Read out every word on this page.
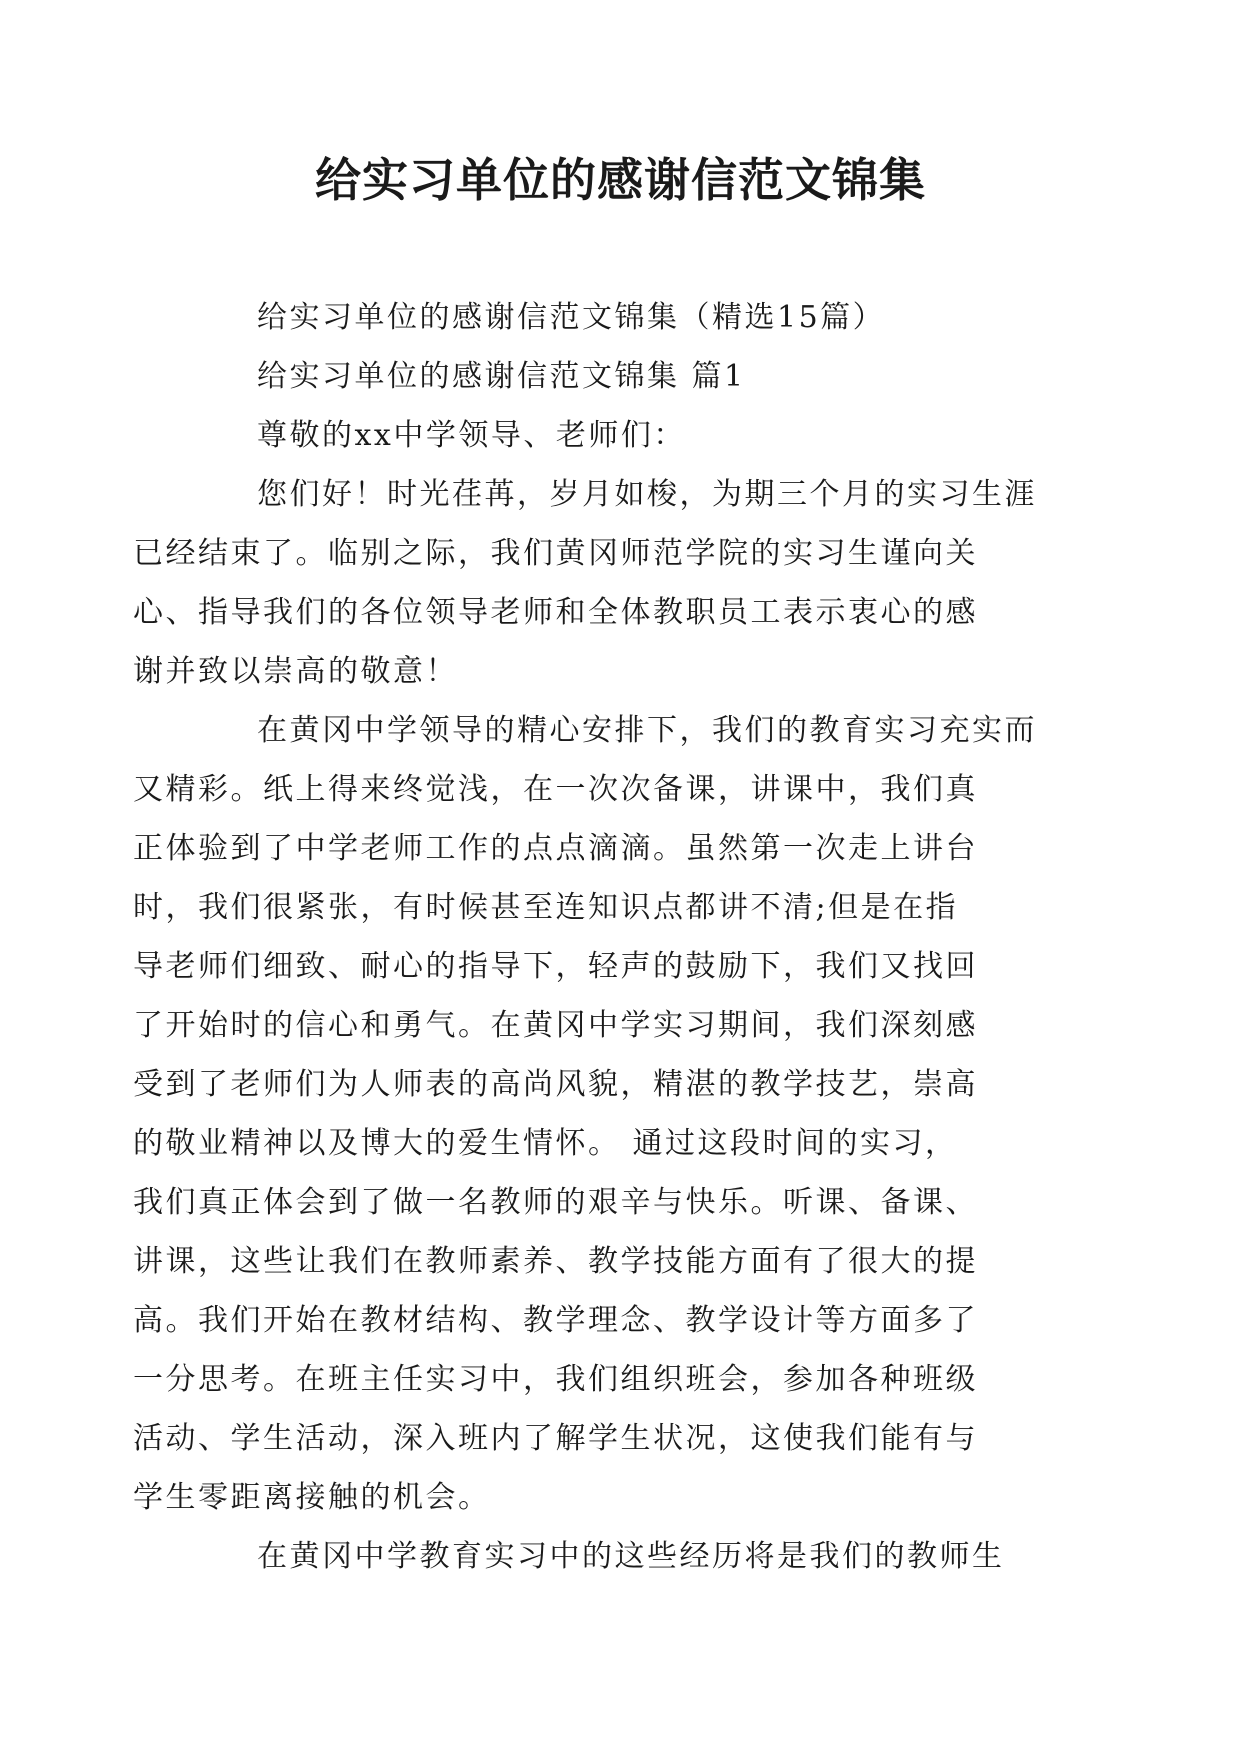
给实习单位的感谢信范文锦集

给实习单位的感谢信范文锦集（精选15篇）

给实习单位的感谢信范文锦集 篇1

尊敬的xx中学领导、老师们：

您们好！时光荏苒，岁月如梭，为期三个月的实习生涯
已经结束了。临别之际，我们黄冈师范学院的实习生谨向关
心、指导我们的各位领导老师和全体教职员工表示衷心的感
谢并致以崇高的敬意！

在黄冈中学领导的精心安排下，我们的教育实习充实而
又精彩。纸上得来终觉浅，在一次次备课，讲课中，我们真
正体验到了中学老师工作的点点滴滴。虽然第一次走上讲台
时，我们很紧张，有时候甚至连知识点都讲不清;但是在指
导老师们细致、耐心的指导下，轻声的鼓励下，我们又找回
了开始时的信心和勇气。在黄冈中学实习期间，我们深刻感
受到了老师们为人师表的高尚风貌，精湛的教学技艺，崇高
的敬业精神以及博大的爱生情怀。 通过这段时间的实习，
我们真正体会到了做一名教师的艰辛与快乐。听课、备课、
讲课，这些让我们在教师素养、教学技能方面有了很大的提
高。我们开始在教材结构、教学理念、教学设计等方面多了
一分思考。在班主任实习中，我们组织班会，参加各种班级
活动、学生活动，深入班内了解学生状况，这使我们能有与
学生零距离接触的机会。

在黄冈中学教育实习中的这些经历将是我们的教师生
